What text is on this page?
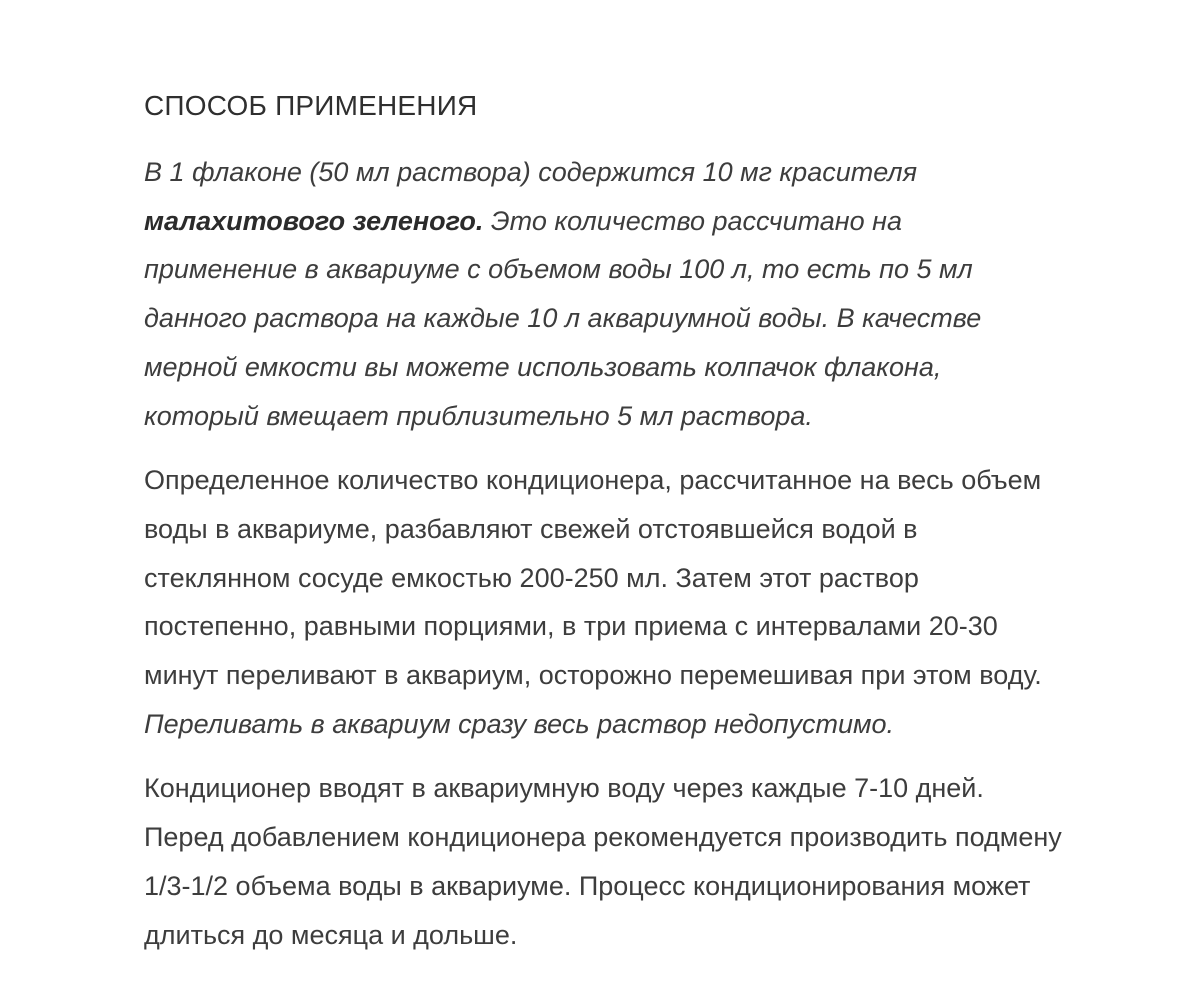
СПОСОБ ПРИМЕНЕНИЯ

В 1 флаконе (50 мл раствора) содержится 10 мг красителя
малахитового зеленого. Это количество рассчитано на
применение в аквариуме с объемом воды 100 л, то есть по 5 мл
данного раствора на каждые 10 л аквариумной воды. В качестве
мерной емкости вы можете использовать колпачок флакона,
который вмещает приблизительно 5 мл раствора.

Определенное количество кондиционера, рассчитанное на весь объем
воды в аквариуме, разбавляют свежей отстоявшейся водой в
стеклянном сосуде емкостью 200-250 мл. Затем этот раствор
постепенно, равными порциями, в три приема с интервалами 20-30
минут переливают в аквариум, осторожно перемешивая при этом воду.
Переливать в аквариум сразу весь раствор недопустимо.

Кондиционер вводят в аквариумную воду через каждые 7-10 дней.
Перед добавлением кондиционера рекомендуется производить подмену
1/3-1/2 объема воды в аквариуме. Процесс кондиционирования может
длиться до месяца и дольше.
